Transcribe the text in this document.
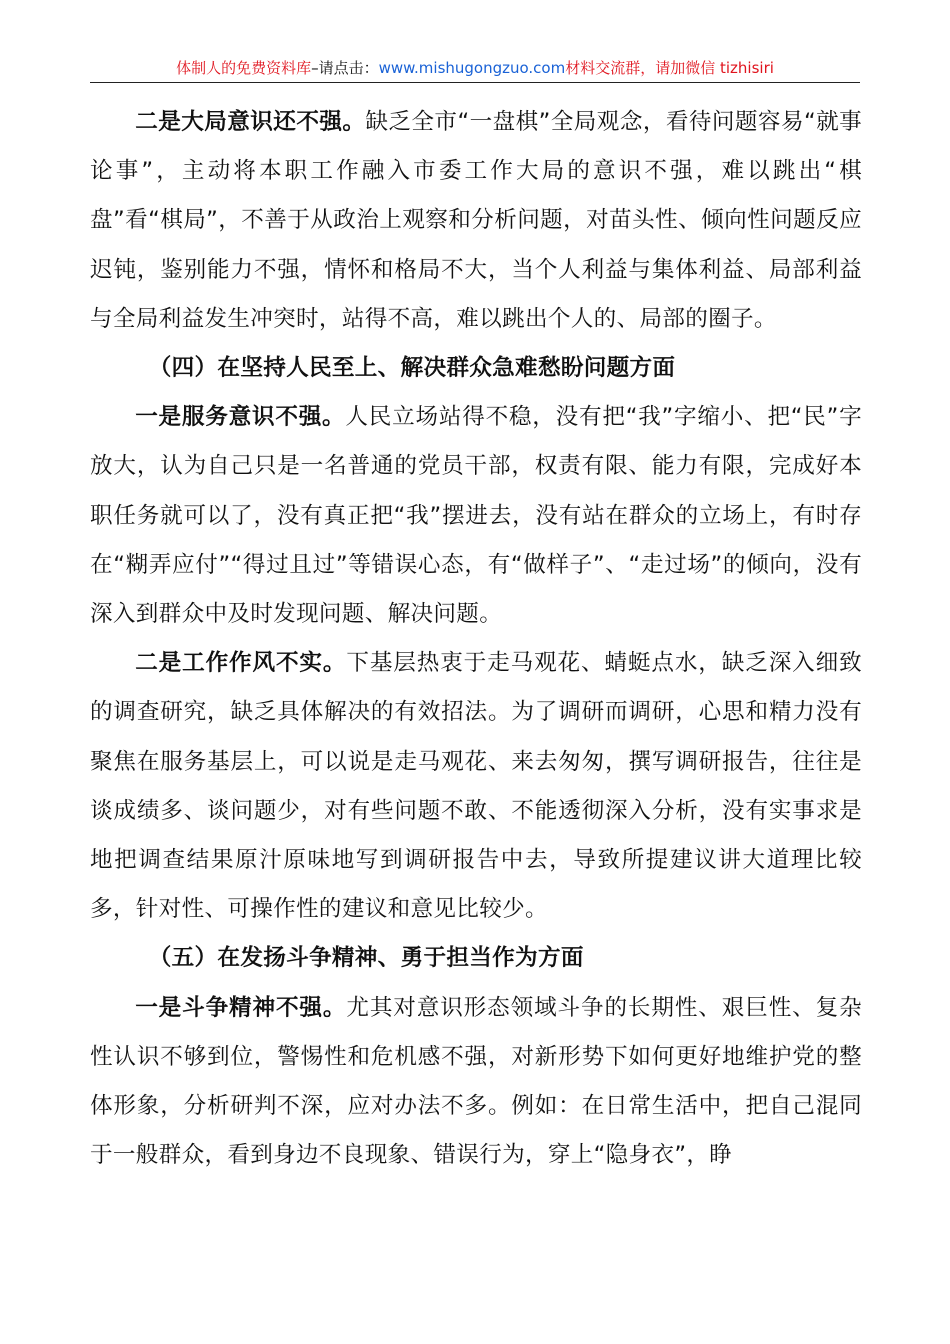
体制人的免费资料库–请点击：www.mishugongzuo.com材料交流群，请加微信 tizhisiri

二是大局意识还不强。缺乏全市“一盘棋”全局观念，看待问题容易“就事论事”，主动将本职工作融入市委工作大局的意识不强，难以跳出“棋盘”看“棋局”，不善于从政治上观察和分析问题，对苗头性、倾向性问题反应迟钝，鉴别能力不强，情怀和格局不大，当个人利益与集体利益、局部利益与全局利益发生冲突时，站得不高，难以跳出个人的、局部的圈子。

（四）在坚持人民至上、解决群众急难愁盼问题方面

一是服务意识不强。人民立场站得不稳，没有把“我”字缩小、把“民”字放大，认为自己只是一名普通的党员干部，权责有限、能力有限，完成好本职任务就可以了，没有真正把“我”摆进去，没有站在群众的立场上，有时存在“糊弄应付”“得过且过”等错误心态，有“做样子”、“走过场”的倾向，没有深入到群众中及时发现问题、解决问题。

二是工作作风不实。下基层热衷于走马观花、蜻蜓点水，缺乏深入细致的调查研究，缺乏具体解决的有效招法。为了调研而调研，心思和精力没有聚焦在服务基层上，可以说是走马观花、来去匆匆，撰写调研报告，往往是谈成绩多、谈问题少，对有些问题不敢、不能透彻深入分析，没有实事求是地把调查结果原汁原味地写到调研报告中去，导致所提建议讲大道理比较多，针对性、可操作性的建议和意见比较少。

（五）在发扬斗争精神、勇于担当作为方面

一是斗争精神不强。尤其对意识形态领域斗争的长期性、艰巨性、复杂性认识不够到位，警惕性和危机感不强，对新形势下如何更好地维护党的整体形象，分析研判不深，应对办法不多。例如：在日常生活中，把自己混同于一般群众，看到身边不良现象、错误行为，穿上“隐身衣”，睁
